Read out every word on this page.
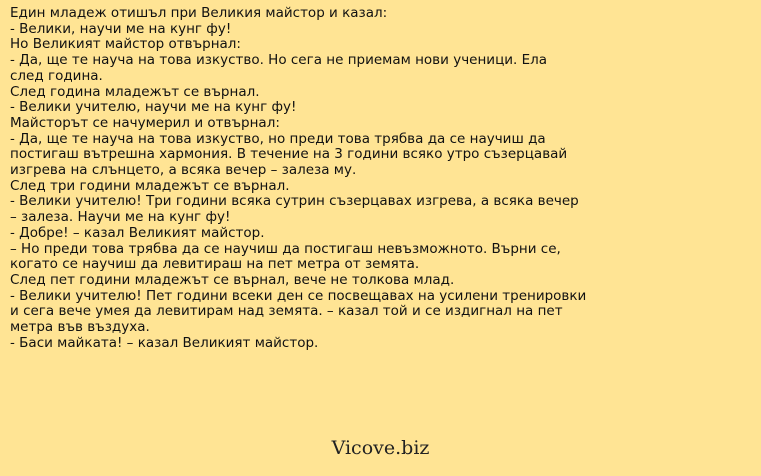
Един младеж отишъл при Великия майстор и казал:
- Велики, научи ме на кунг фу!
Но Великият майстор отвърнал:
- Да, ще те науча на това изкуство. Но сега не приемам нови ученици. Ела
след година.
След година младежът се върнал.
- Велики учителю, научи ме на кунг фу!
Майсторът се начумерил и отвърнал:
- Да, ще те науча на това изкуство, но преди това трябва да се научиш да
постигаш вътрешна хармония. В течение на 3 години всяко утро съзерцавай
изгрева на слънцето, а всяка вечер – залеза му.
След три години младежът се върнал.
- Велики учителю! Три години всяка сутрин съзерцавах изгрева, а всяка вечер
– залеза. Научи ме на кунг фу!
- Добре! – казал Великият майстор.
– Но преди това трябва да се научиш да постигаш невъзможното. Върни се,
когато се научиш да левитираш на пет метра от земята.
След пет години младежът се върнал, вече не толкова млад.
- Велики учителю! Пет години всеки ден се посвещавах на усилени тренировки
и сега вече умея да левитирам над земята. – казал той и се издигнал на пет
метра във въздуха.
- Баси майката! – казал Великият майстор.
Vicove.biz
